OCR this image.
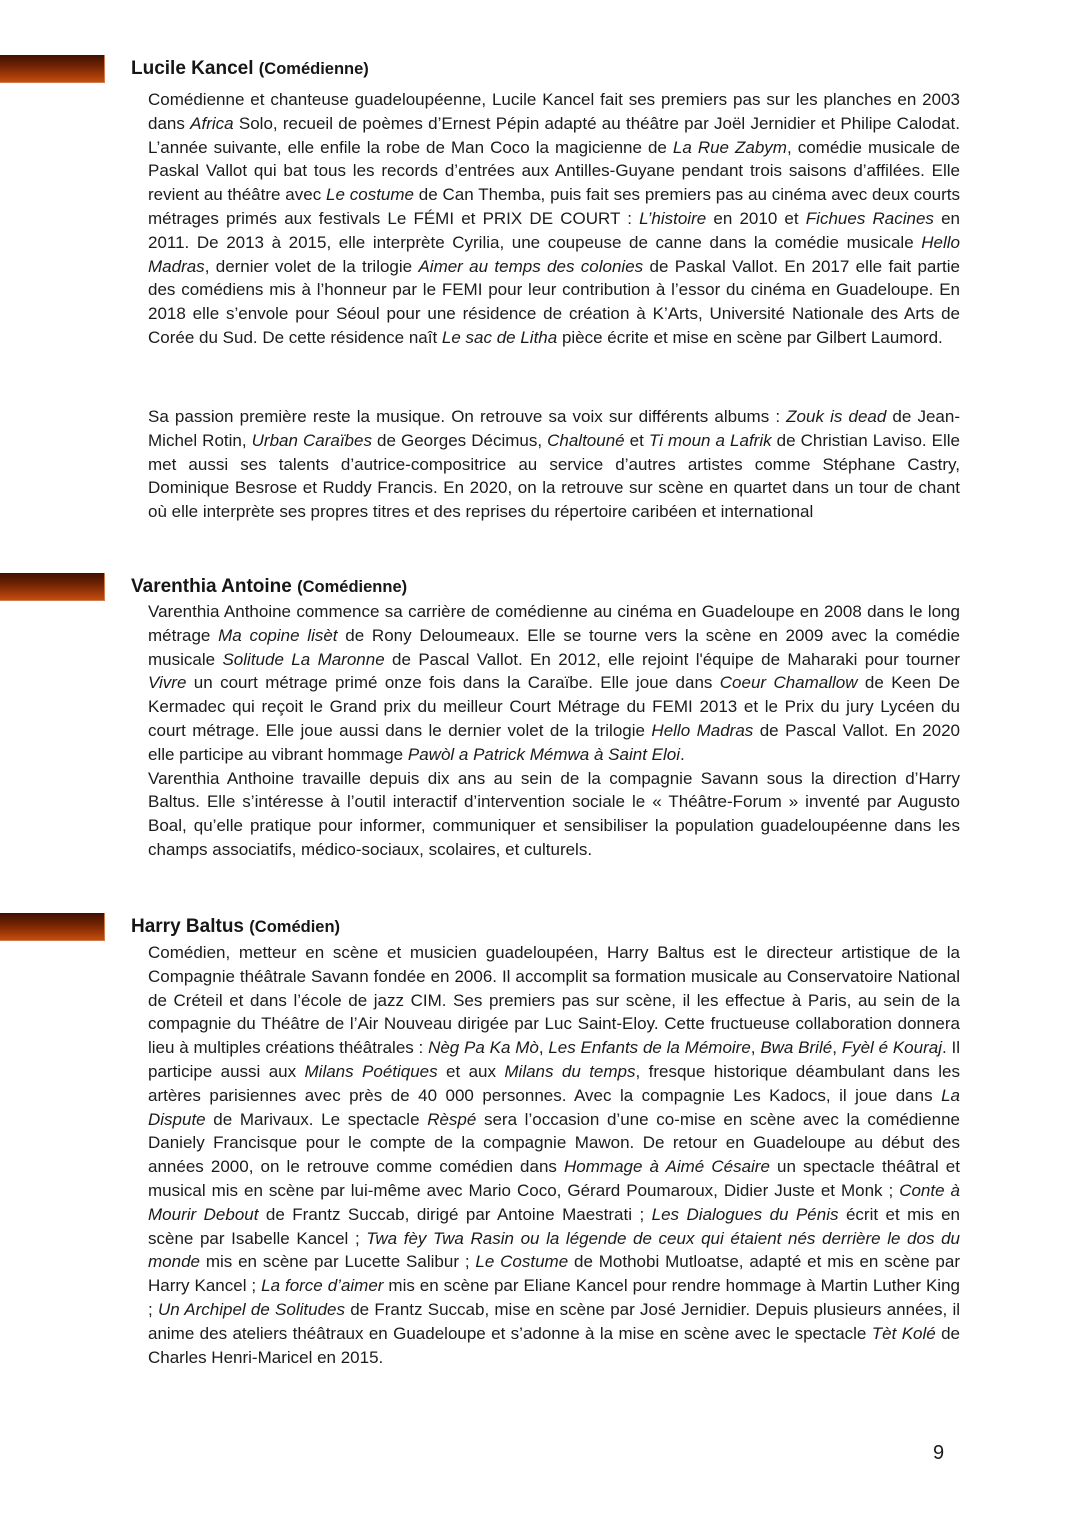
Lucile Kancel (Comédienne)

Comédienne et chanteuse guadeloupéenne, Lucile Kancel fait ses premiers pas sur les planches en 2003 dans Africa Solo, recueil de poèmes d’Ernest Pépin adapté au théâtre par Joël Jernidier et Philipe Calodat. L’année suivante, elle enfile la robe de Man Coco la magicienne de La Rue Zabym, comédie musicale de Paskal Vallot qui bat tous les records d’entrées aux Antilles-Guyane pendant trois saisons d’affilées. Elle revient au théâtre avec Le costume de Can Themba, puis fait ses premiers pas au cinéma avec deux courts métrages primés aux festivals Le FÉMI et PRIX DE COURT : L’histoire en 2010 et Fichues Racines en 2011. De 2013 à 2015, elle interprète Cyrilia, une coupeuse de canne dans la comédie musicale Hello Madras, dernier volet de la trilogie Aimer au temps des colonies de Paskal Vallot. En 2017 elle fait partie des comédiens mis à l’honneur par le FEMI pour leur contribution à l’essor du cinéma en Guadeloupe. En 2018 elle s’envole pour Séoul pour une résidence de création à K’Arts, Université Nationale des Arts de Corée du Sud. De cette résidence naît Le sac de Litha pièce écrite et mise en scène par Gilbert Laumord.

Sa passion première reste la musique. On retrouve sa voix sur différents albums : Zouk is dead de Jean- Michel Rotin, Urban Caraïbes de Georges Décimus, Chaltouné et Ti moun a Lafrik de Christian Laviso. Elle met aussi ses talents d’autrice-compositrice au service d’autres artistes comme Stéphane Castry, Dominique Besrose et Ruddy Francis. En 2020, on la retrouve sur scène en quartet dans un tour de chant où elle interprète ses propres titres et des reprises du répertoire caribéen et international

Varenthia Antoine (Comédienne)

Varenthia Anthoine commence sa carrière de comédienne au cinéma en Guadeloupe en 2008 dans le long métrage Ma copine lisèt de Rony Deloumeaux. Elle se tourne vers la scène en 2009 avec la comédie musicale Solitude La Maronne de Pascal Vallot. En 2012, elle rejoint l'équipe de Maharaki pour tourner Vivre un court métrage primé onze fois dans la Caraïbe. Elle joue dans Coeur Chamallow de Keen De Kermadec qui reçoit le Grand prix du meilleur Court Métrage du FEMI 2013 et le Prix du jury Lycéen du court métrage. Elle joue aussi dans le dernier volet de la trilogie Hello Madras de Pascal Vallot. En 2020 elle participe au vibrant hommage Pawòl a Patrick Mémwa à Saint Eloi.

Varenthia Anthoine travaille depuis dix ans au sein de la compagnie Savann sous la direction d’Harry Baltus. Elle s’intéresse à l’outil interactif d’intervention sociale le « Théâtre-Forum » inventé par Augusto Boal, qu’elle pratique pour informer, communiquer et sensibiliser la population guadeloupéenne dans les champs associatifs, médico-sociaux, scolaires, et culturels.

Harry Baltus (Comédien)

Comédien, metteur en scène et musicien guadeloupéen, Harry Baltus est le directeur artistique de la Compagnie théâtrale Savann fondée en 2006. Il accomplit sa formation musicale au Conservatoire National de Créteil et dans l’école de jazz CIM. Ses premiers pas sur scène, il les effectue à Paris, au sein de la compagnie du Théâtre de l’Air Nouveau dirigée par Luc Saint-Eloy. Cette fructueuse collaboration donnera lieu à multiples créations théâtrales : Nèg Pa Ka Mò, Les Enfants de la Mémoire, Bwa Brilé, Fyèl é Kouraj. Il participe aussi aux Milans Poétiques et aux Milans du temps, fresque historique déambulant dans les artères parisiennes avec près de 40 000 personnes. Avec la compagnie Les Kadocs, il joue dans La Dispute de Marivaux. Le spectacle Rèspé sera l’occasion d’une co-mise en scène avec la comédienne Daniely Francisque pour le compte de la compagnie Mawon. De retour en Guadeloupe au début des années 2000, on le retrouve comme comédien dans Hommage à Aimé Césaire un spectacle théâtral et musical mis en scène par lui-même avec Mario Coco, Gérard Poumaroux, Didier Juste et Monk ; Conte à Mourir Debout de Frantz Succab, dirigé par Antoine Maestrati ; Les Dialogues du Pénis écrit et mis en scène par Isabelle Kancel ; Twa fèy Twa Rasin ou la légende de ceux qui étaient nés derrière le dos du monde mis en scène par Lucette Salibur ; Le Costume de Mothobi Mutloatse, adapté et mis en scène par Harry Kancel ; La force d’aimer mis en scène par Eliane Kancel pour rendre hommage à Martin Luther King ; Un Archipel de Solitudes de Frantz Succab, mise en scène par José Jernidier. Depuis plusieurs années, il anime des ateliers théâtraux en Guadeloupe et s’adonne à la mise en scène avec le spectacle Tèt Kolé de Charles Henri-Maricel en 2015.

9
